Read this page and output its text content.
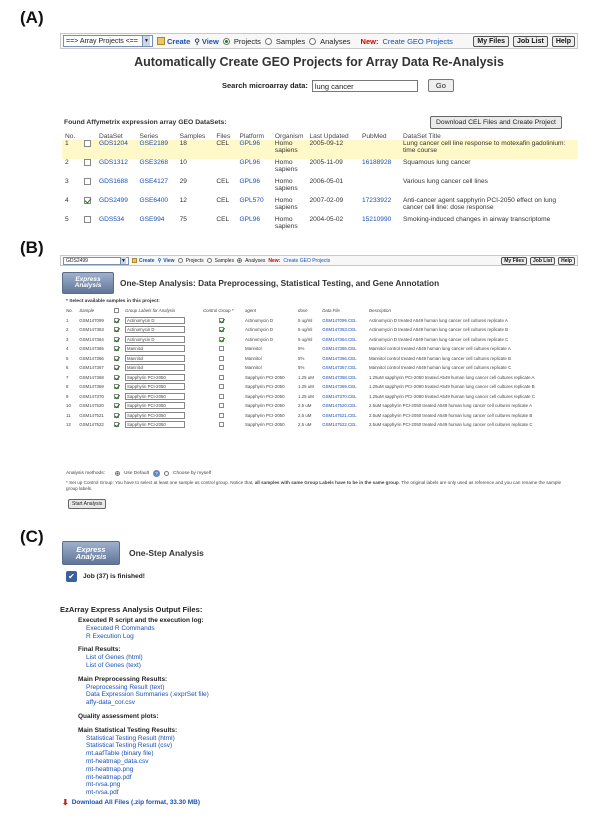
(A)
==> Array Projects <==	▼ Create ⚲ View Projects Samples Analyses New: Create GEO Projects	My Files	Job List	Help
Automatically Create GEO Projects for Array Data Re-Analysis
Search microarray data: lung cancer	Go
Found Affymetrix expression array GEO DataSets:	Download CEL Files and Create Project
No.		DataSet	Series	Samples	Files	Platform	Organism	Last Updated	PubMed	DataSet Title
1		GDS1204	GSE2189	18	CEL	GPL96	Homo sapiens	2005-09-12		Lung cancer cell line response to motexafin gadolinium: time course
2		GDS1312	GSE3268	10		GPL96	Homo sapiens	2005-11-09	16188928	Squamous lung cancer
3		GDS1688	GSE4127	29	CEL	GPL96	Homo sapiens	2006-05-01		Various lung cancer cell lines
4		GDS2499	GSE6400	12	CEL	GPL570	Homo sapiens	2007-02-09	17233922	Anti-cancer agent sapphyrin PCI-2050 effect on lung cancer cell line: dose response
5		GDS534	GSE994	75	CEL	GPL96	Homo sapiens	2004-05-02	15210990	Smoking-induced changes in airway transcriptome
(B)
GDS2499	▼	Create ⚲ View Projects Samples Analyses New: Create GEO Projects	My Files	Job List	Help
Express
Analysis One-Step Analysis: Data Preprocessing, Statistical Testing, and Gene Annotation
* Select available samples in this project:
No.	Sample		Group Labels for Analysis	Control Group *	agent	dose	Data File	Description
1	GSM147099		Actinomycin D		Actinomycin D	5 ug/ml	GSM147099.CEL	Actinomycin D treated A549 human lung cancer cell cultures replicate A
2	GSM147363		Actinomycin D		Actinomycin D	5 ug/ml	GSM147363.CEL	Actinomycin D treated A549 human lung cancer cell cultures replicate B
3	GSM147364		Actinomycin D		Actinomycin D	5 ug/ml	GSM147364.CEL	Actinomycin D treated A549 human lung cancer cell cultures replicate C
4	GSM147365		Mannitol		Mannitol	5%	GSM147365.CEL	Mannitol control treated A549 human lung cancer cell cultures replicate A
5	GSM147366		Mannitol		Mannitol	5%	GSM147366.CEL	Mannitol control treated A549 human lung cancer cell cultures replicate B
6	GSM147367		Mannitol		Mannitol	5%	GSM147367.CEL	Mannitol control treated A549 human lung cancer cell cultures replicate C
7	GSM147368		Sapphyrin PCI-2050		Sapphyrin PCI-2050	1.25 uM	GSM147368.CEL	1.25uM sapphyrin PCI-2050 treated A549 human lung cancer cell cultures replicate A
8	GSM147369		Sapphyrin PCI-2050		Sapphyrin PCI-2050	1.25 uM	GSM147369.CEL	1.25uM sapphyrin PCI-2050 treated A549 human lung cancer cell cultures replicate B
9	GSM147370		Sapphyrin PCI-2050		Sapphyrin PCI-2050	1.25 uM	GSM147370.CEL	1.25uM sapphyrin PCI-2050 treated A549 human lung cancer cell cultures replicate C
10	GSM147520		Sapphyrin PCI-2050		Sapphyrin PCI-2050	2.5 uM	GSM147520.CEL	2.5uM sapphyrin PCI-2050 treated A549 human lung cancer cell cultures replicate A
11	GSM147521		Sapphyrin PCI-2050		Sapphyrin PCI-2050	2.5 uM	GSM147521.CEL	2.5uM sapphyrin PCI-2050 treated A549 human lung cancer cell cultures replicate B
12	GSM147522		Sapphyrin PCI-2050		Sapphyrin PCI-2050	2.5 uM	GSM147522.CEL	2.5uM sapphyrin PCI-2050 treated A549 human lung cancer cell cultures replicate C
Analysis methods:	Use Default	?	Choose by myself
* Set up Control Group: You have to select at least one sample as control group. Notice that, all samples with same Group Labels have to be in the same group. The original labels are only used as reference and you can rename the sample group labels.
Start Analysis
(C)
Express
Analysis	One-Step Analysis
✔	Job (37) is finished!
EzArray Express Analysis Output Files:
Executed R script and the execution log:
Executed R Commands
R Execution Log
Final Results:
List of Genes (html)
List of Genes (text)
Main Preprocessing Results:
Preprocessing Result (text)
Data Expression Summaries (.exprSet file)
affy-data_cor.csv
Quality assessment plots:
Main Statistical Testing Results:
Statistical Testing Result (html)
Statistical Testing Result (csv)
mt.aafTable (binary file)
mt-heatmap_data.csv
mt-heatmap.png
mt-heatmap.pdf
mt-rvsa.png
mt-rvsa.pdf
⬇ Download All Files (.zip format, 33.30 MB)
